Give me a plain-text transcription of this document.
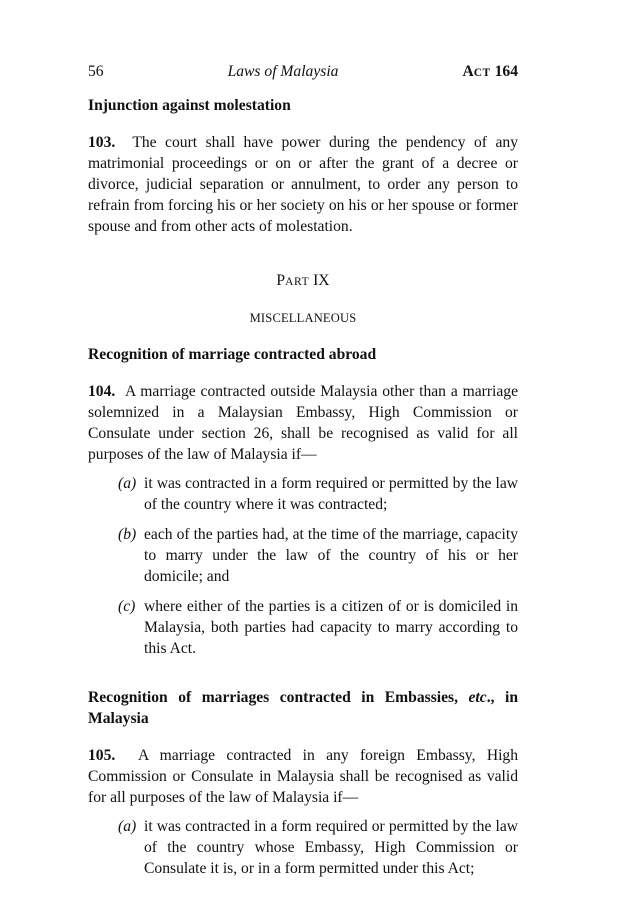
56	Laws of Malaysia	ACT 164
Injunction against molestation

103. The court shall have power during the pendency of any matrimonial proceedings or on or after the grant of a decree or divorce, judicial separation or annulment, to order any person to refrain from forcing his or her society on his or her spouse or former spouse and from other acts of molestation.

PART IX
MISCELLANEOUS
Recognition of marriage contracted abroad

104. A marriage contracted outside Malaysia other than a marriage solemnized in a Malaysian Embassy, High Commission or Consulate under section 26, shall be recognised as valid for all purposes of the law of Malaysia if—

(a) it was contracted in a form required or permitted by the law of the country where it was contracted;
(b) each of the parties had, at the time of the marriage, capacity to marry under the law of the country of his or her domicile; and
(c) where either of the parties is a citizen of or is domiciled in Malaysia, both parties had capacity to marry according to this Act.
Recognition of marriages contracted in Embassies, etc., in Malaysia

105. A marriage contracted in any foreign Embassy, High Commission or Consulate in Malaysia shall be recognised as valid for all purposes of the law of Malaysia if—

(a) it was contracted in a form required or permitted by the law of the country whose Embassy, High Commission or Consulate it is, or in a form permitted under this Act;
